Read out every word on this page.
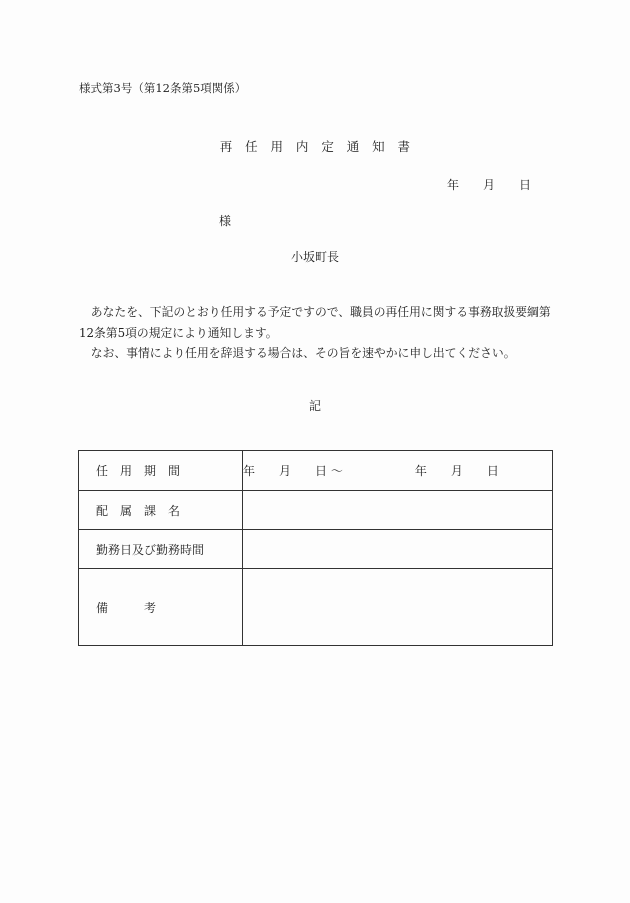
様式第3号（第12条第5項関係）
再　任　用　内　定　通　知　書
年　　月　　日
様
小坂町長
　あなたを、下記のとおり任用する予定ですので、職員の再任用に関する事務取扱要綱第
12条第5項の規定により通知します。
　なお、事情により任用を辞退する場合は、その旨を速やかに申し出てください。
記
任　用　期　間	年　　月　　日 〜　　　　　　年　　月　　日
配　属　課　名	
勤務日及び勤務時間	
備　　　考	
